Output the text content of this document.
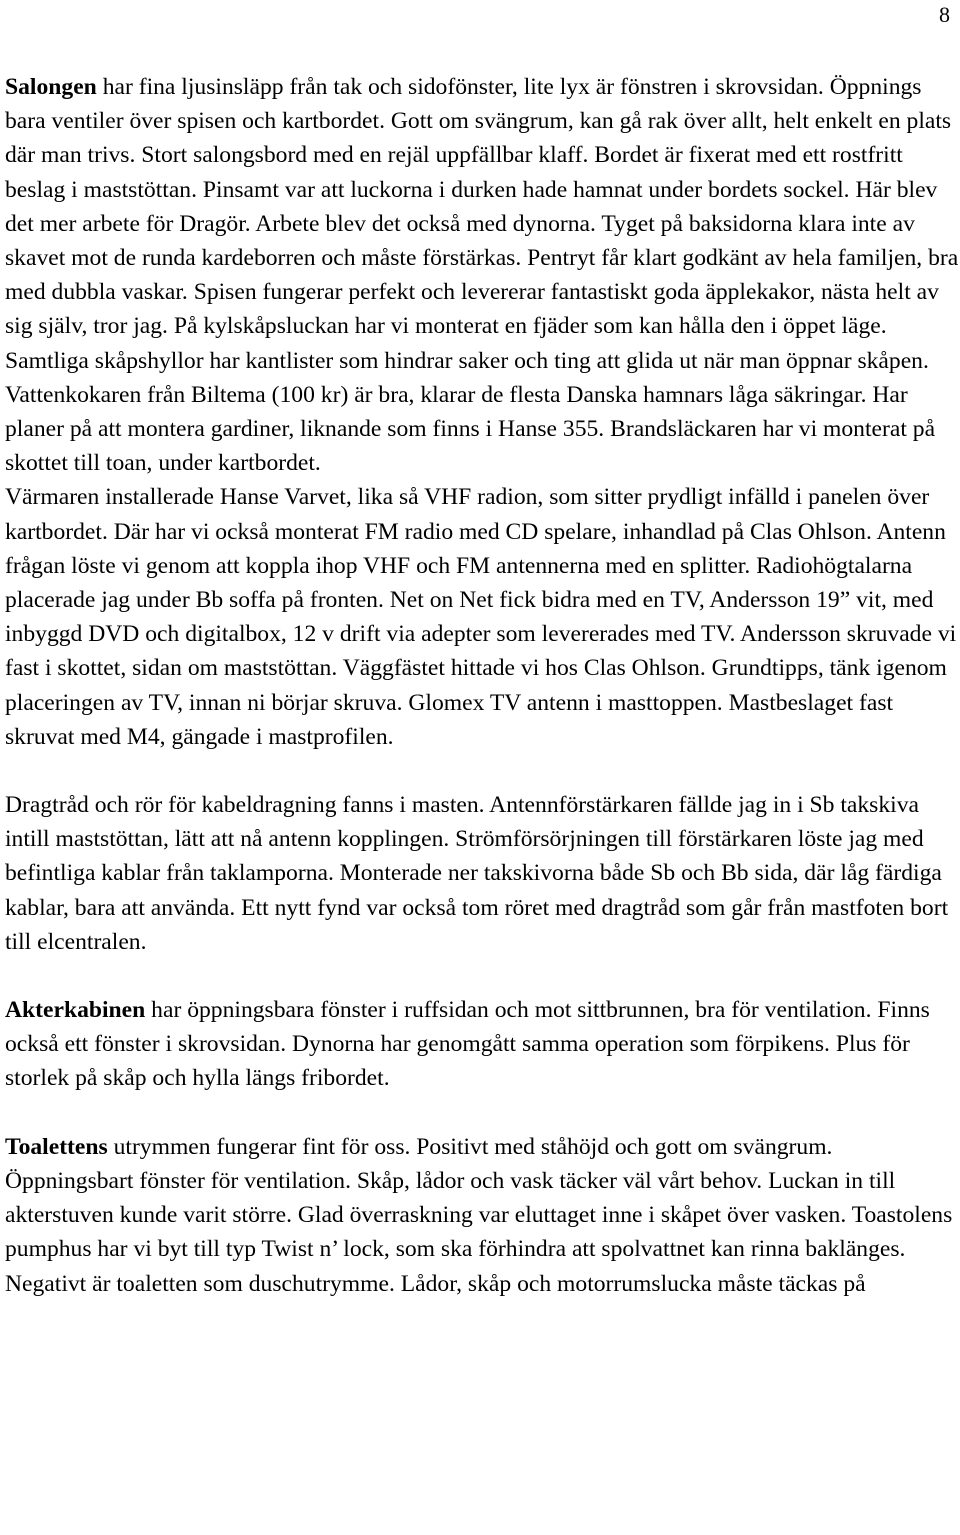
8

Salongen har fina ljusinsläpp från tak och sidofönster, lite lyx är fönstren i skrovsidan. Öppnings bara ventiler över spisen och kartbordet. Gott om svängrum, kan gå rak över allt, helt enkelt en plats där man trivs. Stort salongsbord med en rejäl uppfällbar klaff. Bordet är fixerat med ett rostfritt beslag i maststöttan. Pinsamt var att luckorna i durken hade hamnat under bordets sockel. Här blev det mer arbete för Dragör. Arbete blev det också med dynorna. Tyget på baksidorna klara inte av skavet mot de runda kardeborren och måste förstärkas. Pentryt får klart godkänt av hela familjen, bra med dubbla vaskar. Spisen fungerar perfekt och levererar fantastiskt goda äpplekakor, nästa helt av sig själv, tror jag. På kylskåpsluckan har vi monterat en fjäder som kan hålla den i öppet läge. Samtliga skåpshyllor har kantlister som hindrar saker och ting att glida ut när man öppnar skåpen. Vattenkokaren från Biltema (100 kr) är bra, klarar de flesta Danska hamnars låga säkringar. Har planer på att montera gardiner, liknande som finns i Hanse 355. Brandsläckaren har vi monterat på skottet till toan, under kartbordet.

Värmaren installerade Hanse Varvet, lika så VHF radion, som sitter prydligt infälld i panelen över kartbordet. Där har vi också monterat FM radio med CD spelare, inhandlad på Clas Ohlson. Antenn frågan löste vi genom att koppla ihop VHF och FM antennerna med en splitter. Radiohögtalarna placerade jag under Bb soffa på fronten. Net on Net fick bidra med en TV, Andersson 19” vit, med inbyggd DVD och digitalbox, 12 v drift via adepter som levererades med TV. Andersson skruvade vi fast i skottet, sidan om maststöttan. Väggfästet hittade vi hos Clas Ohlson. Grundtipps, tänk igenom placeringen av TV, innan ni börjar skruva. Glomex TV antenn i masttoppen. Mastbeslaget fast skruvat med M4, gängade i mastprofilen.

Dragtråd och rör för kabeldragning fanns i masten. Antennförstärkaren fällde jag in i Sb takskiva intill maststöttan, lätt att nå antenn kopplingen. Strömförsörjningen till förstärkaren löste jag med befintliga kablar från taklamporna. Monterade ner takskivorna både Sb och Bb sida, där låg färdiga kablar, bara att använda. Ett nytt fynd var också tom röret med dragtråd som går från mastfoten bort till elcentralen.

Akterkabinen har öppningsbara fönster i ruffsidan och mot sittbrunnen, bra för ventilation. Finns också ett fönster i skrovsidan. Dynorna har genomgått samma operation som förpikens. Plus för storlek på skåp och hylla längs fribordet.

Toalettens utrymmen fungerar fint för oss. Positivt med ståhöjd och gott om svängrum. Öppningsbart fönster för ventilation. Skåp, lådor och vask täcker väl vårt behov. Luckan in till akterstuven kunde varit större. Glad överraskning var eluttaget inne i skåpet över vasken. Toastolens pumphus har vi byt till typ Twist n’ lock, som ska förhindra att spolvattnet kan rinna baklänges. Negativt är toaletten som duschutrymme. Lådor, skåp och motorrumslucka måste täckas på
